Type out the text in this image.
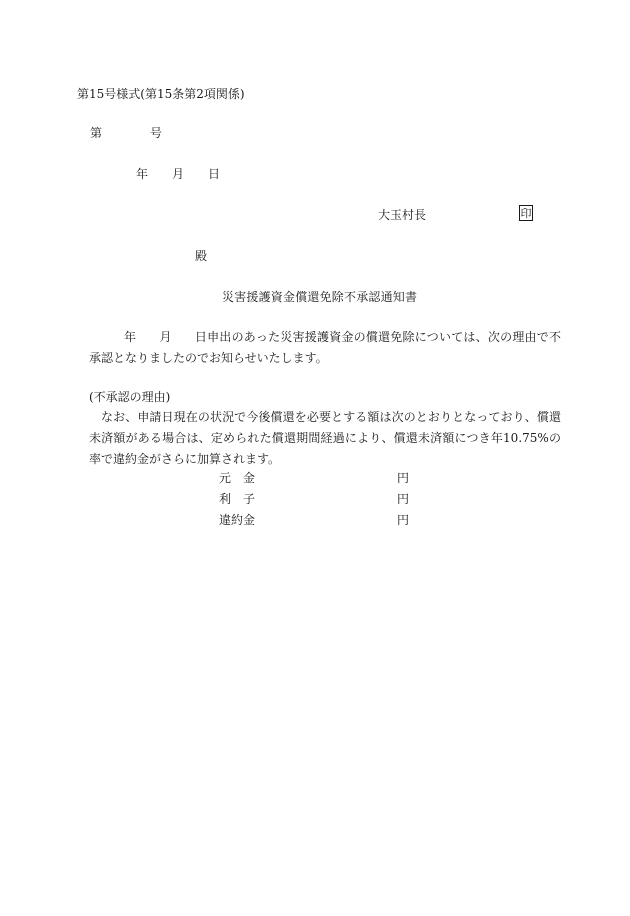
第15号様式(第15条第2項関係)
第	号
年 月 日
大玉村長	印
殿
災害援護資金償還免除不承認通知書
年 月 日申出のあった災害援護資金の償還免除については、次の理由で不承認となりましたのでお知らせいたします。
(不承認の理由)
なお、申請日現在の状況で今後償還を必要とする額は次のとおりとなっており、償還未済額がある場合は、定められた償還期間経過により、償還未済額につき年10.75%の率で違約金がさらに加算されます。
元　金	円
利　子	円
違約金	円
